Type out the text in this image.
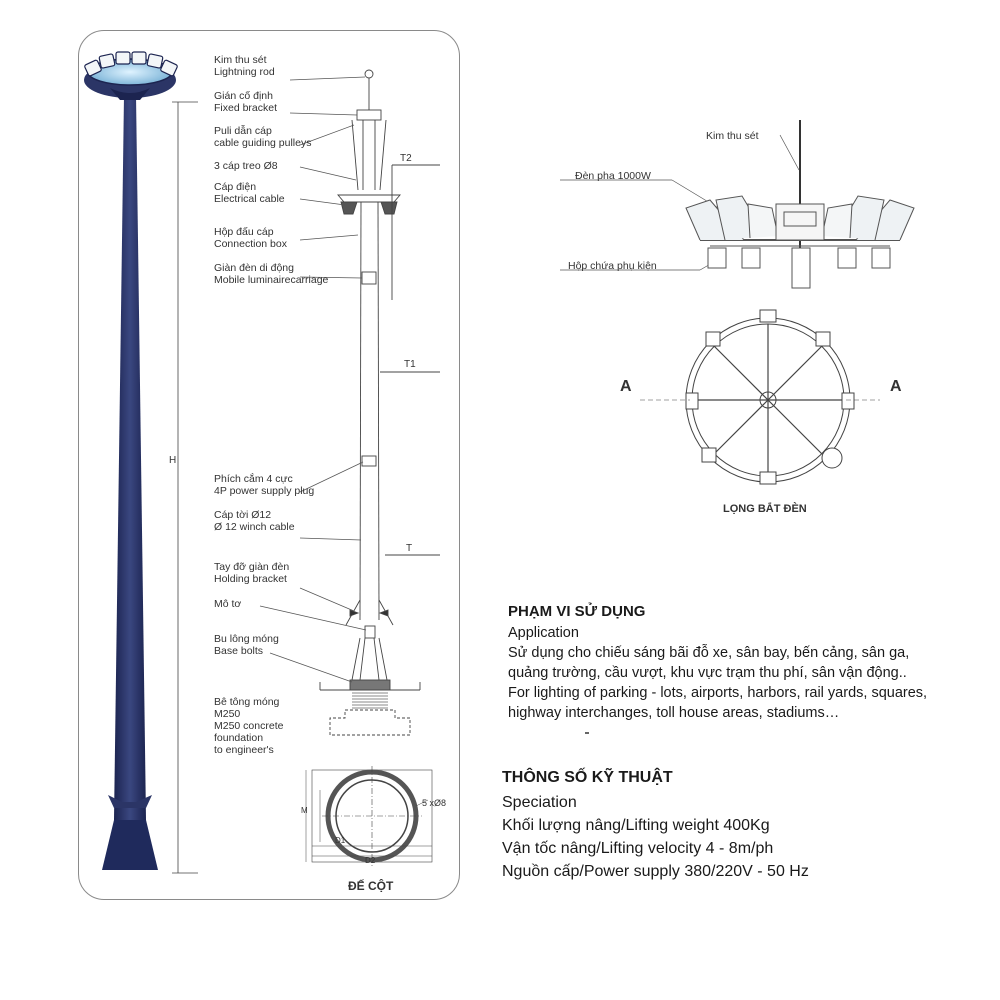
Kim thu sét
Lightning rod
Gián cố định
Fixed bracket
Puli dẫn cáp
cable guiding pulleys
3 cáp treo Ø8
Cáp điện
Electrical cable
Hộp đấu cáp
Connection box
Giàn đèn di động
Mobile luminairecarriage
Phích cắm 4 cực
4P power supply plug
Cáp tời Ø12
Ø 12 winch cable
Tay đỡ giàn đèn
Holding bracket
Mô tơ
Bu lông móng
Base bolts
Bê tông móng
M250
M250 concrete
foundation
to engineer's
H
T2
T1
T
5 xØ8
D2
D1
M
ĐẾ CỘT
Kim thu sét
Đèn pha 1000W
Hộp chứa phụ kiện
A	A
LỌNG BẮT ĐÈN
PHẠM VI SỬ DỤNG
Application
Sử dụng cho chiếu sáng bãi đỗ xe, sân bay, bến cảng, sân ga,
quảng trường, cầu vượt, khu vực trạm thu phí, sân vận động..
For lighting of parking - lots, airports, harbors, rail yards, squares,
highway interchanges, toll house areas, stadiums…
THÔNG SỐ KỸ THUẬT
Speciation
Khối lượng nâng/Lifting weight 400Kg
Vận tốc nâng/Lifting velocity 4 - 8m/ph
Nguồn cấp/Power supply 380/220V - 50 Hz
